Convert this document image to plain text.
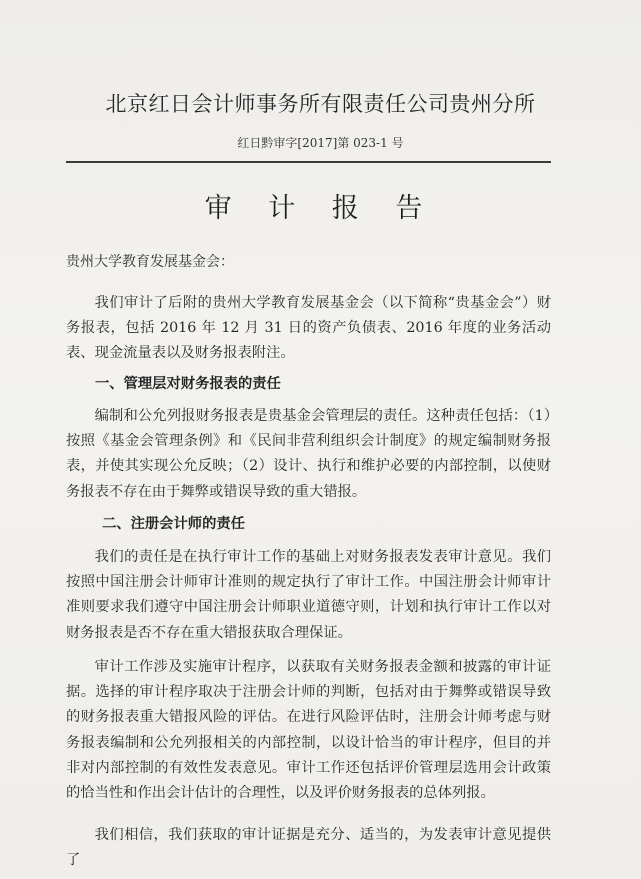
北京红日会计师事务所有限责任公司贵州分所
红日黔审字[2017]第 023-1 号
审 计 报 告
贵州大学教育发展基金会：
我们审计了后附的贵州大学教育发展基金会（以下简称“贵基金会”）财务报表，包括 2016 年 12 月 31 日的资产负债表、2016 年度的业务活动表、现金流量表以及财务报表附注。
一、管理层对财务报表的责任
编制和公允列报财务报表是贵基金会管理层的责任。这种责任包括：（1）按照《基金会管理条例》和《民间非营利组织会计制度》的规定编制财务报表，并使其实现公允反映；（2）设计、执行和维护必要的内部控制，以使财务报表不存在由于舞弊或错误导致的重大错报。
二、注册会计师的责任
我们的责任是在执行审计工作的基础上对财务报表发表审计意见。我们按照中国注册会计师审计准则的规定执行了审计工作。中国注册会计师审计准则要求我们遵守中国注册会计师职业道德守则，计划和执行审计工作以对财务报表是否不存在重大错报获取合理保证。
审计工作涉及实施审计程序，以获取有关财务报表金额和披露的审计证据。选择的审计程序取决于注册会计师的判断，包括对由于舞弊或错误导致的财务报表重大错报风险的评估。在进行风险评估时，注册会计师考虑与财务报表编制和公允列报相关的内部控制，以设计恰当的审计程序，但目的并非对内部控制的有效性发表意见。审计工作还包括评价管理层选用会计政策的恰当性和作出会计估计的合理性，以及评价财务报表的总体列报。
我们相信，我们获取的审计证据是充分、适当的，为发表审计意见提供了
